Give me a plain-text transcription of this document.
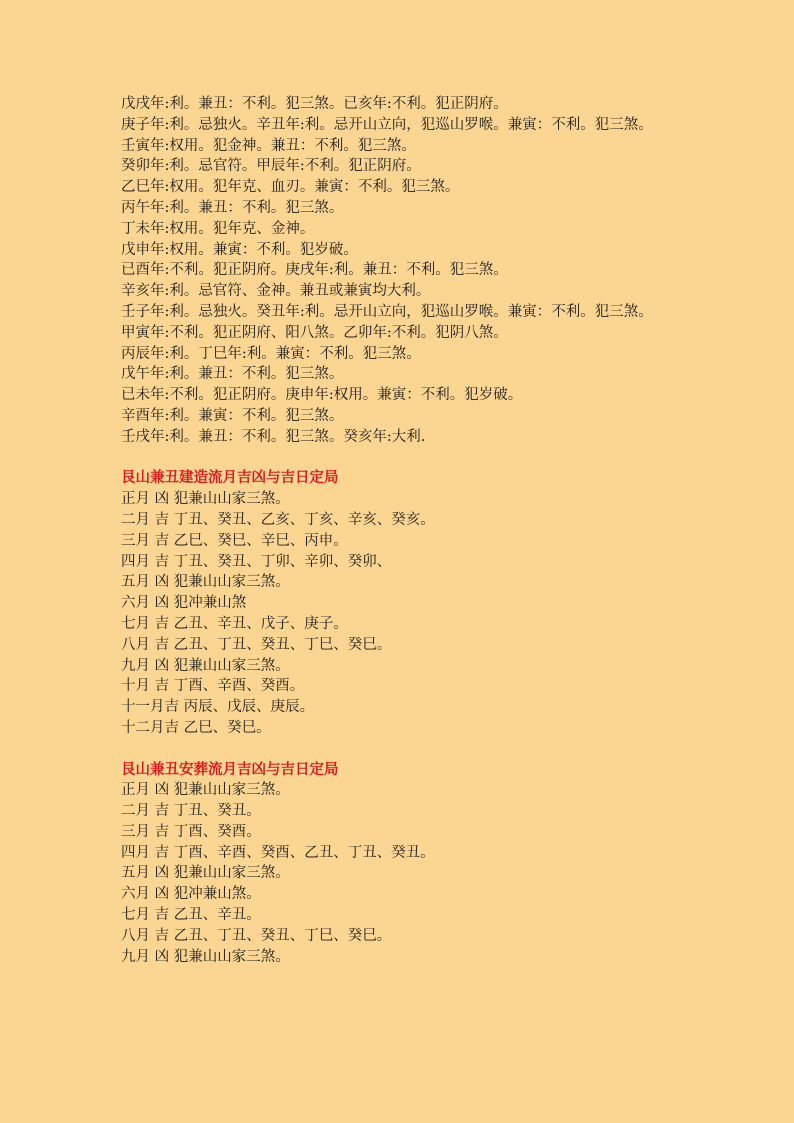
戊戌年:利。兼丑：不利。犯三煞。已亥年:不利。犯正阴府。

庚子年:利。忌独火。辛丑年:利。忌开山立向，犯巡山罗喉。兼寅：不利。犯三煞。

壬寅年:权用。犯金神。兼丑：不利。犯三煞。

癸卯年:利。忌官符。甲辰年:不利。犯正阴府。

乙巳年:权用。犯年克、血刃。兼寅：不利。犯三煞。

丙午年:利。兼丑：不利。犯三煞。

丁未年:权用。犯年克、金神。

戊申年:权用。兼寅：不利。犯岁破。

已酉年:不利。犯正阴府。庚戌年:利。兼丑：不利。犯三煞。

辛亥年:利。忌官符、金神。兼丑或兼寅均大利。

壬子年:利。忌独火。癸丑年:利。忌开山立向，犯巡山罗喉。兼寅：不利。犯三煞。

甲寅年:不利。犯正阴府、阳八煞。乙卯年:不利。犯阴八煞。

丙辰年:利。丁巳年:利。兼寅：不利。犯三煞。

戊午年:利。兼丑：不利。犯三煞。

已未年:不利。犯正阴府。庚申年:权用。兼寅：不利。犯岁破。

辛酉年:利。兼寅：不利。犯三煞。

壬戌年:利。兼丑：不利。犯三煞。癸亥年:大利.

艮山兼丑建造流月吉凶与吉日定局

正月 凶 犯兼山山家三煞。

二月 吉 丁丑、癸丑、乙亥、丁亥、辛亥、癸亥。

三月 吉 乙巳、癸巳、辛巳、丙申。

四月 吉 丁丑、癸丑、丁卯、辛卯、癸卯、

五月 凶 犯兼山山家三煞。

六月 凶 犯冲兼山煞

七月 吉 乙丑、辛丑、戊子、庚子。

八月 吉 乙丑、丁丑、癸丑、丁巳、癸巳。

九月 凶 犯兼山山家三煞。

十月 吉 丁酉、辛酉、癸酉。

十一月吉 丙辰、戊辰、庚辰。

十二月吉 乙巳、癸巳。

艮山兼丑安葬流月吉凶与吉日定局

正月 凶 犯兼山山家三煞。

二月 吉 丁丑、癸丑。

三月 吉 丁酉、癸酉。

四月 吉 丁酉、辛酉、癸酉、乙丑、丁丑、癸丑。

五月 凶 犯兼山山家三煞。

六月 凶 犯冲兼山煞。

七月 吉 乙丑、辛丑。

八月 吉 乙丑、丁丑、癸丑、丁巳、癸巳。

九月 凶 犯兼山山家三煞。
